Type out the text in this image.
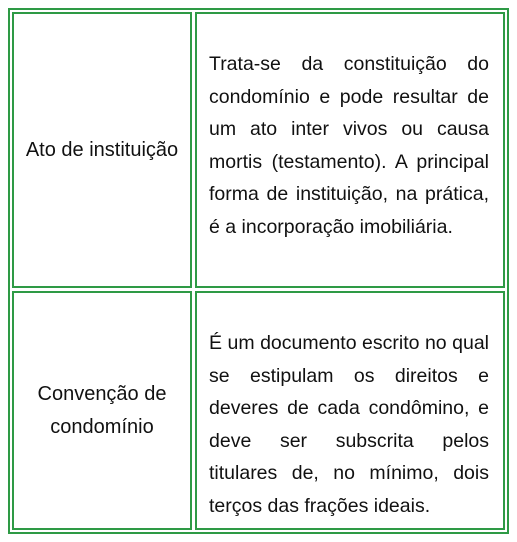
Ato de instituição
Trata-se da constituição do condomínio e pode resultar de um ato inter vivos ou causa mortis (testamento). A principal forma de instituição, na prática, é a incorporação imobiliária.
Convenção de condomínio
É um documento escrito no qual se estipulam os direitos e deveres de cada condômino, e deve ser subscrita pelos titulares de, no mínimo, dois terços das frações ideais.
